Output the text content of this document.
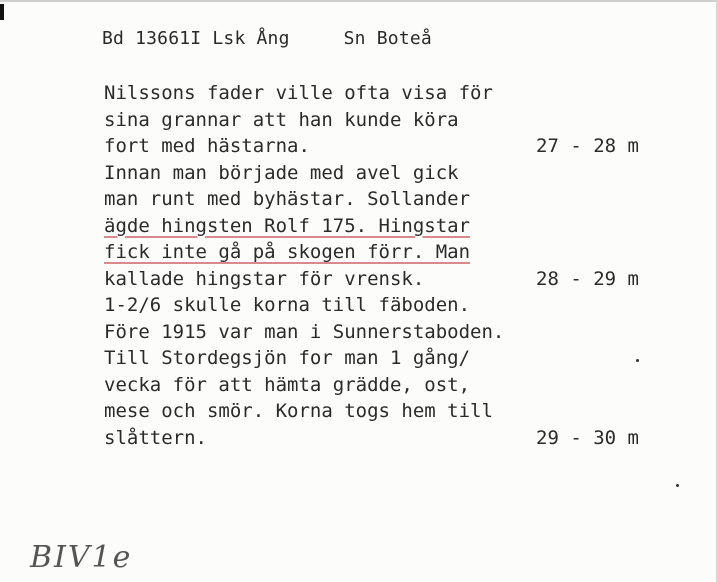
Bd 13661I Lsk Ång	Sn Boteå
Nilssons fader ville ofta visa för
sina grannar att han kunde köra
fort med hästarna.	27 - 28 m
Innan man började med avel gick
man runt med byhästar. Sollander
ägde hingsten Rolf 175. Hingstar
fick inte gå på skogen förr. Man
kallade hingstar för vrensk.	28 - 29 m
1-2/6 skulle korna till fäboden.
Före 1915 var man i Sunnerstaboden.
Till Stordegsjön for man 1 gång/
vecka för att hämta grädde, ost,
mese och smör. Korna togs hem till
slåttern.	29 - 30 m
BIV1e
